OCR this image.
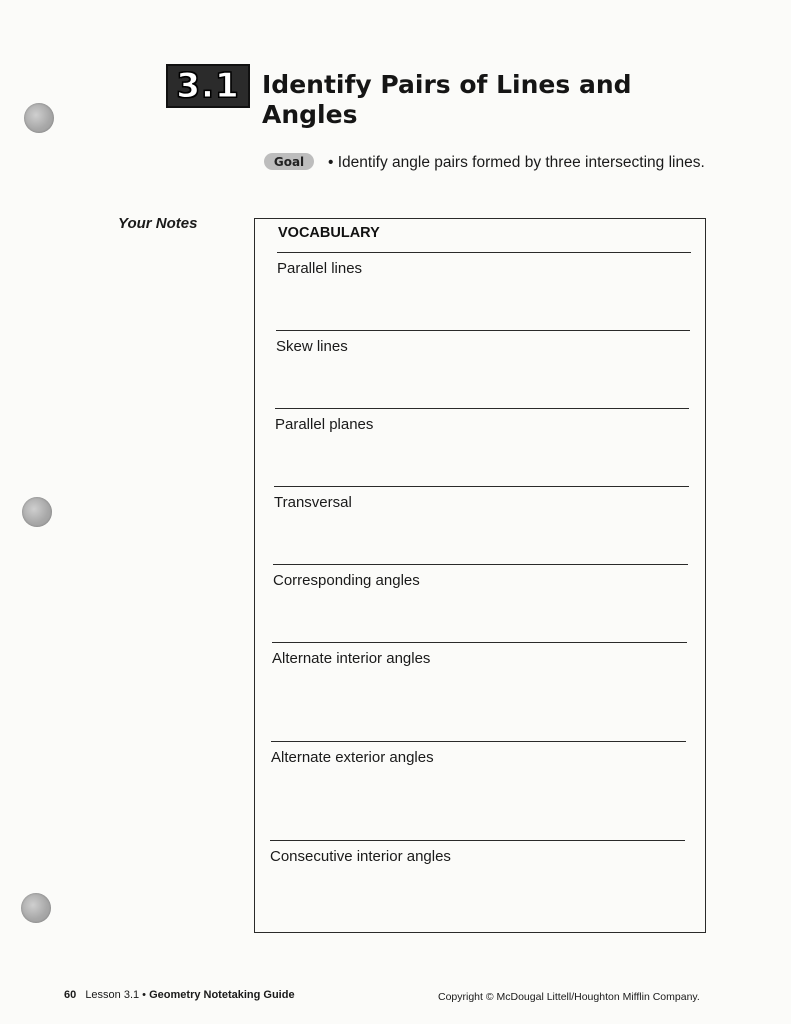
3.1 Identify Pairs of Lines and Angles
Goal	• Identify angle pairs formed by three intersecting lines.
Your Notes
VOCABULARY
Parallel lines
Skew lines
Parallel planes
Transversal
Corresponding angles
Alternate interior angles
Alternate exterior angles
Consecutive interior angles
60 Lesson 3.1 • Geometry Notetaking Guide	Copyright © McDougal Littell/Houghton Mifflin Company.
